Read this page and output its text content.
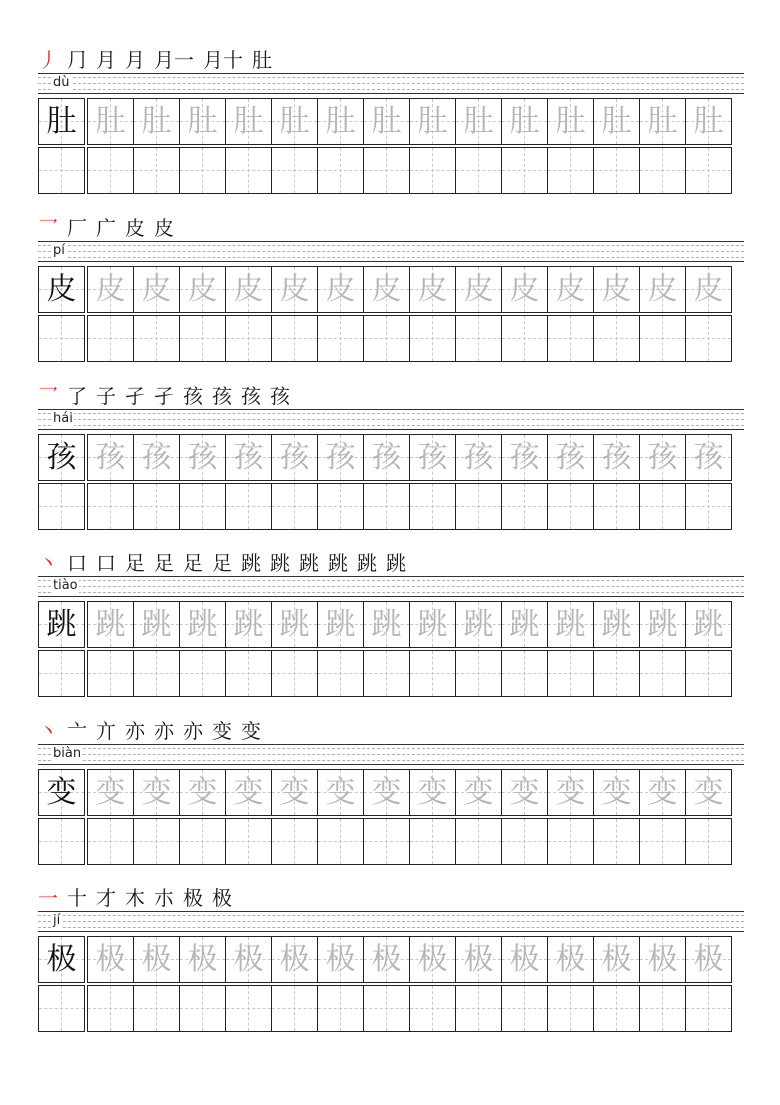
丿 ⺆ 月 月 月一 月十 肚
dù
肚 肚 肚 肚 肚 肚 肚 肚 肚 肚 肚 肚 肚 肚 肚
乛 厂 广 皮 皮
pí
皮 皮 皮 皮 皮 皮 皮 皮 皮 皮 皮 皮 皮 皮 皮
乛 了 子 孑 孑 孩 孩 孩 孩
hái
孩 孩 孩 孩 孩 孩 孩 孩 孩 孩 孩 孩 孩 孩 孩
丶 口 口 足 足 足 足 跳 跳 跳 跳 跳 跳
tiào
跳 跳 跳 跳 跳 跳 跳 跳 跳 跳 跳 跳 跳 跳 跳
丶 亠 亣 亦 亦 亦 变 变
biàn
变 变 变 变 变 变 变 变 变 变 变 变 变 变 变
一 十 才 木 朩 极 极
jí
极 极 极 极 极 极 极 极 极 极 极 极 极 极 极
